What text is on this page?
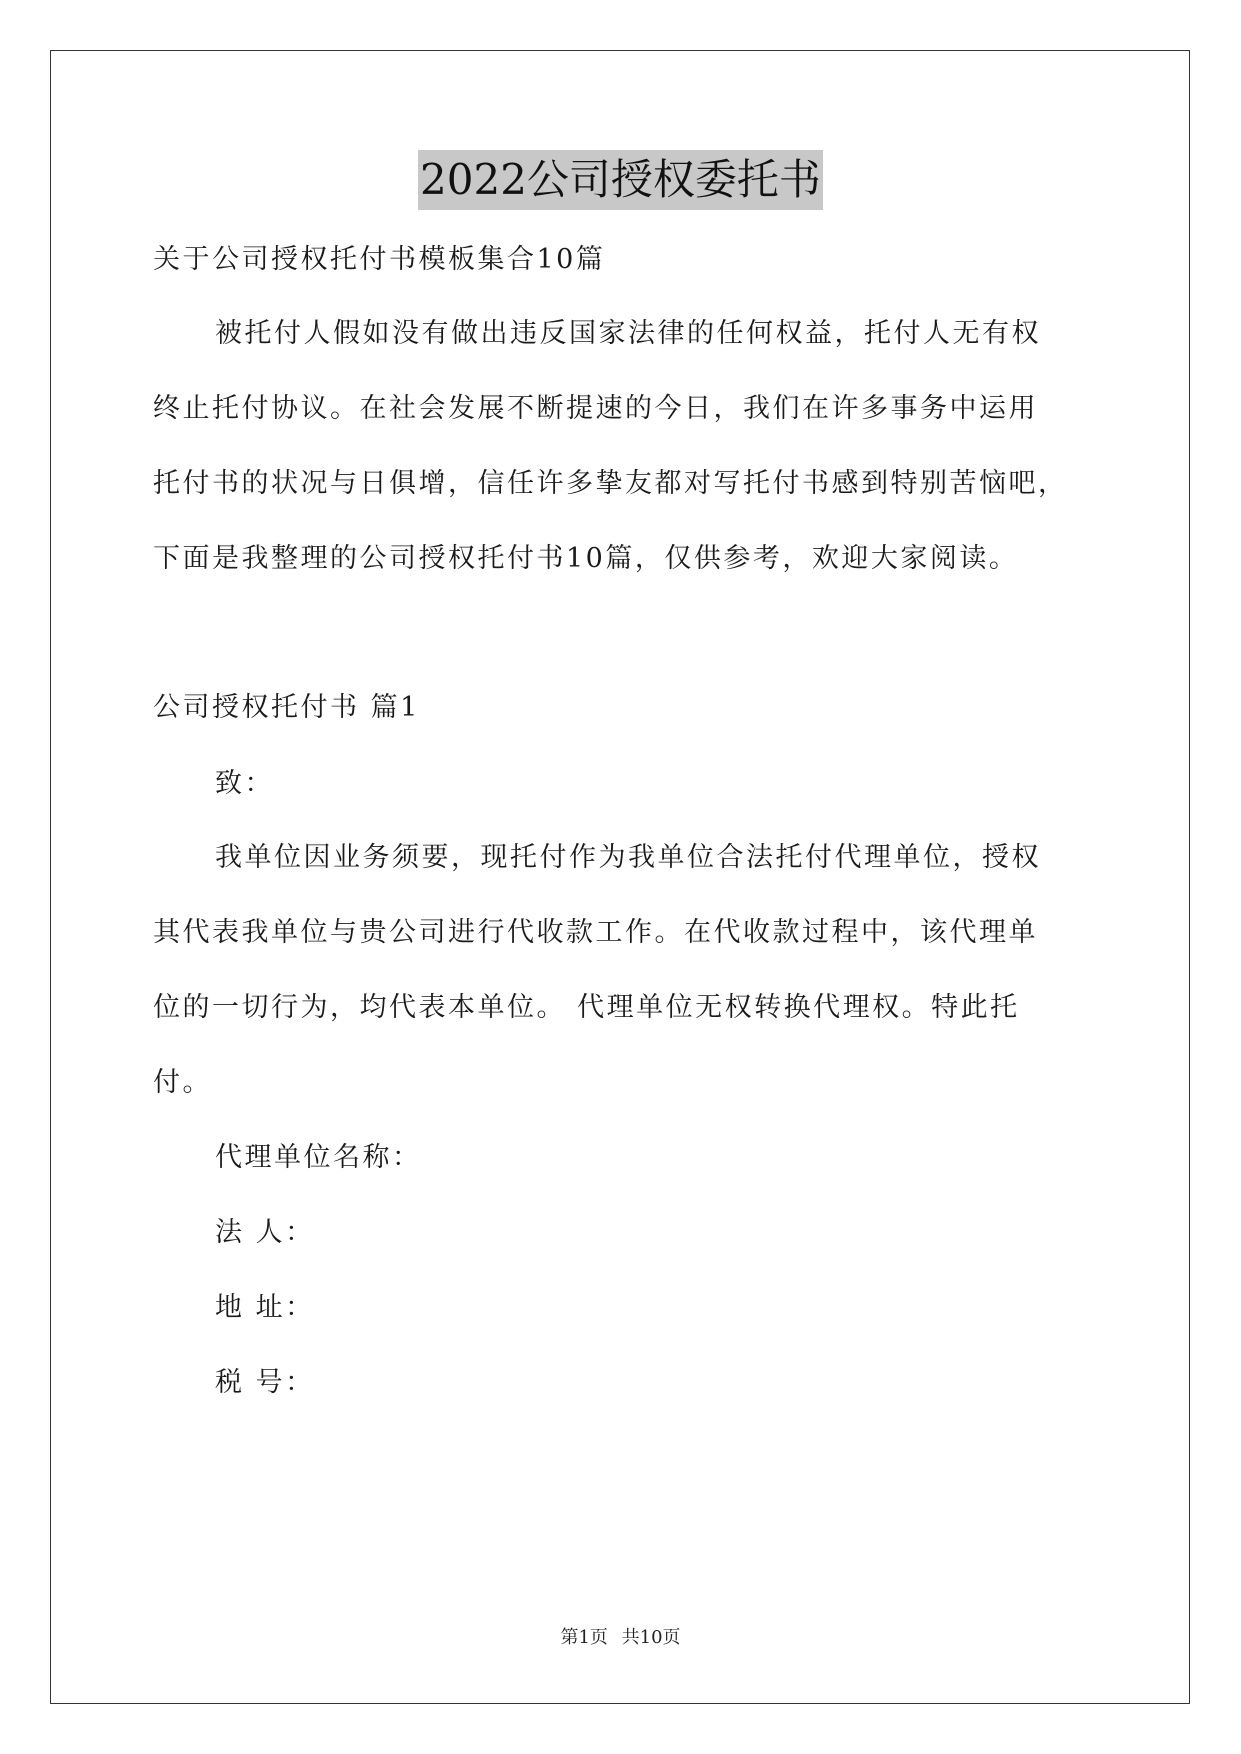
2022公司授权委托书
关于公司授权托付书模板集合10篇
被托付人假如没有做出违反国家法律的任何权益，托付人无有权
终止托付协议。在社会发展不断提速的今日，我们在许多事务中运用
托付书的状况与日俱增，信任许多挚友都对写托付书感到特别苦恼吧，
下面是我整理的公司授权托付书10篇，仅供参考，欢迎大家阅读。
公司授权托付书 篇1
致：
我单位因业务须要，现托付作为我单位合法托付代理单位，授权
其代表我单位与贵公司进行代收款工作。在代收款过程中，该代理单
位的一切行为，均代表本单位。 代理单位无权转换代理权。特此托
付。
代理单位名称：
法 人：
地 址：
税 号：
第1页 共10页
